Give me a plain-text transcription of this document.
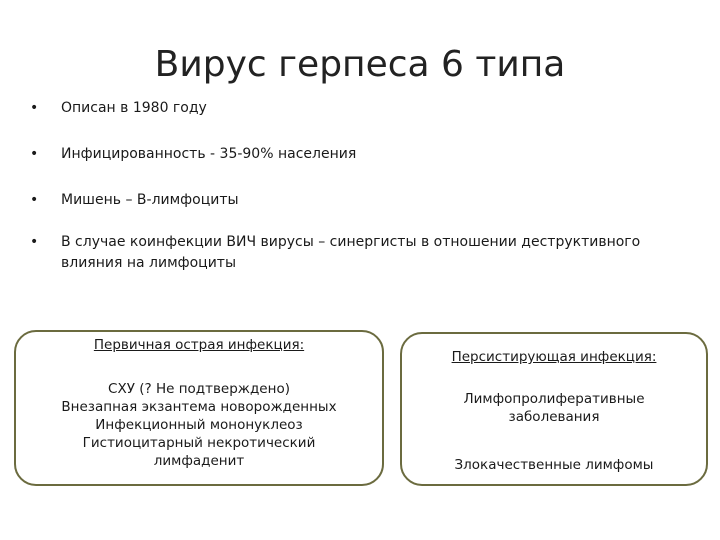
Вирус герпеса 6 типа
• Описан в 1980 году
• Инфицированность - 35-90% населения
• Мишень – В-лимфоциты
• В случае коинфекции ВИЧ вирусы – синергисты в отношении деструктивного влияния на лимфоциты
Первичная острая инфекция:
СХУ (? Не подтверждено)
Внезапная экзантема новорожденных
Инфекционный мононуклеоз
Гистиоцитарный некротический
лимфаденит
Персистирующая инфекция:
Лимфопролиферативные
заболевания
Злокачественные лимфомы
